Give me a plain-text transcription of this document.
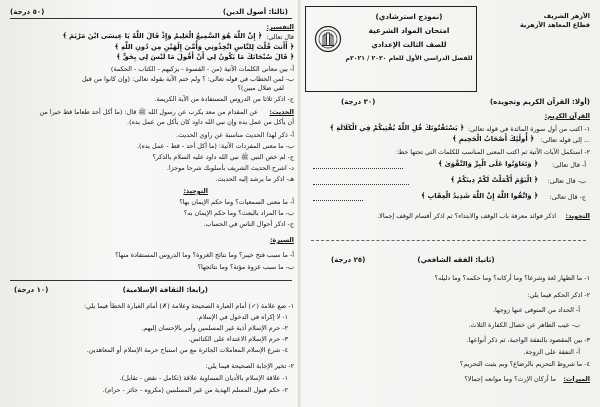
الأزهر الشريف
قطاع المعاهد الأزهرية
(نموذج استرشادي)
امتحان المواد الشرعية
للصف الثالث الإعدادي
للفصل الدراسي الأول للعام ٢٠٢٠ / ٢٠٢١م
(أولا: القرآن الكريم وتجويده)
(٣٠ درجة)
القرآن الكريم:
١- اكتب من أول سورة المائدة في قوله تعالى:
﴿ يَسْتَفْتُونَكَ قُلِ اللَّهُ يُفْتِيكُمْ فِي الْكَلَالَةِ ﴾
... إلى قوله تعالى:
﴿ أُولَٰئِكَ أَصْحَابُ الْجَحِيمِ ﴾
٢- استكمل الآيات الآتية ثم اكتب المعنى المناسب للكلمات التي تحتها خط:
أ- قال تعالى:
﴿ وَتَعَاوَنُوا عَلَى الْبِرِّ وَالتَّقْوَىٰ ﴾
ب- قال تعالى:
﴿ الْيَوْمَ أَكْمَلْتُ لَكُمْ دِينَكُمْ ﴾
ج- قال تعالى:
﴿ وَاتَّقُوا اللَّهَ إِنَّ اللَّهَ شَدِيدُ الْعِقَابِ ﴾
التجويد:
اذكر فوائد معرفة باب الوقف والابتداء؟ ثم اذكر أقسام الوقف إجمالا.
(٢٥ درجة)	(ثانيا: الفقه الشافعي)
١- ما الظهار لغة وشرعا؟ وما أركانه؟ وما حكمه؟ وما دليله؟
٢- اذكر الحكم فيما يلي:
أ- الحداد من المتوفى عنها زوجها.
ب- عيب الظاهر عن خصال الكفارة الثلاث.
٣- بين المقصود بالنفقة الواجبة، ثم ذكر أنواعها.
أ- النفقة على الزوجة.
٤- ما شروط التحريم بالرضاع؟ وبم يثبت التحريم؟
الميراث:
ما أركان الإرث؟ وما موانعه إجمالا؟
(ثالثا: أصول الدين)
(٥٠ درجة)
التفسير:
قال تعالى:
﴿ إِنَّ اللَّهَ هُوَ السَّمِيعُ الْعَلِيمُ وَإِذْ قَالَ اللَّهُ يَا عِيسَى ابْنَ مَرْيَمَ ﴾
﴿ أَأَنتَ قُلْتَ لِلنَّاسِ اتَّخِذُونِي وَأُمِّيَ إِلَٰهَيْنِ مِن دُونِ اللَّهِ ﴾
﴿ قَالَ سُبْحَانَكَ مَا يَكُونُ لِي أَنْ أَقُولَ مَا لَيْسَ لِي بِحَقٍّ ﴾
أ- بين معاني الكلمات الآتية (من - القسوة - يزكيهم - الكتاب - الحكمة)
ب- لمن الخطاب في قوله تعالى: ؟ ولم ختم الآية بقوله تعالى: (وإن كانوا من قبل
لفي ضلال مبين)؟
ج- اذكر ثلاثا من الدروس المستفادة من الآية الكريمة.
الحديث:
عن المقدام من معد يكرب عن رسول الله ﷺ قال: (ما أكل أحد طعاما قط خيرا من
أن يأكل من عمل يده وإن نبي الله داود كان يأكل من عمل يده).
أ- ذكر لهذا الحديث مناسبة عن راوي الحديث.
ب- ما معنى المفردات الآتية: (ما أكل أحد - قط - عمل يده).
ج- لم خص النبي ﷺ نبي الله داود عليه السلام بالذكر؟
د- اشرح الحديث الشريف بأسلوبك شرحا موجزا.
هـ- اذكر ما يرشد إليه الحديث.
التوحيد:
أ- ما معنى السمعيات؟ وما حكم الإيمان بها؟
ب- ما المراد بالبعث؟ وما حكم الإيمان به؟
ج- اذكر أحوال الناس في الحساب.
السيرة:
أ- ما سبب فتح خيبر؟ وما نتائج الغزوة؟ وما الدروس المستفادة منها؟
ب- ما سبب غزوة مؤتة؟ وما نتائجها؟
(رابعا: الثقافة الإسلامية)
(١٠ درجة)
١- ضع علامة (✓) أمام العبارة الصحيحة وعلامة (✗) أمام العبارة الخطأ فيما يلي:
١- لا إكراه في الدخول في الإسلام.
٢- حرم الإسلام أذية غير المسلمين وأمر بالإحسان إليهم.
٣- حرم الإسلام الاعتداء على الكنائس.
٤- شرع الإسلام المعاملات الجائرة مع من استباح حرمة الإسلام أو المعاهدين.
٢- تخير الإجابة الصحيحة فيما يلي:
١- علاقة الإسلام بالأديان السماوية علاقة (تكامل - نقض - تقابل).
٢- حكم قبول المسلم الهدية من غير المسلمين (مكروه - جائز - حرام).
